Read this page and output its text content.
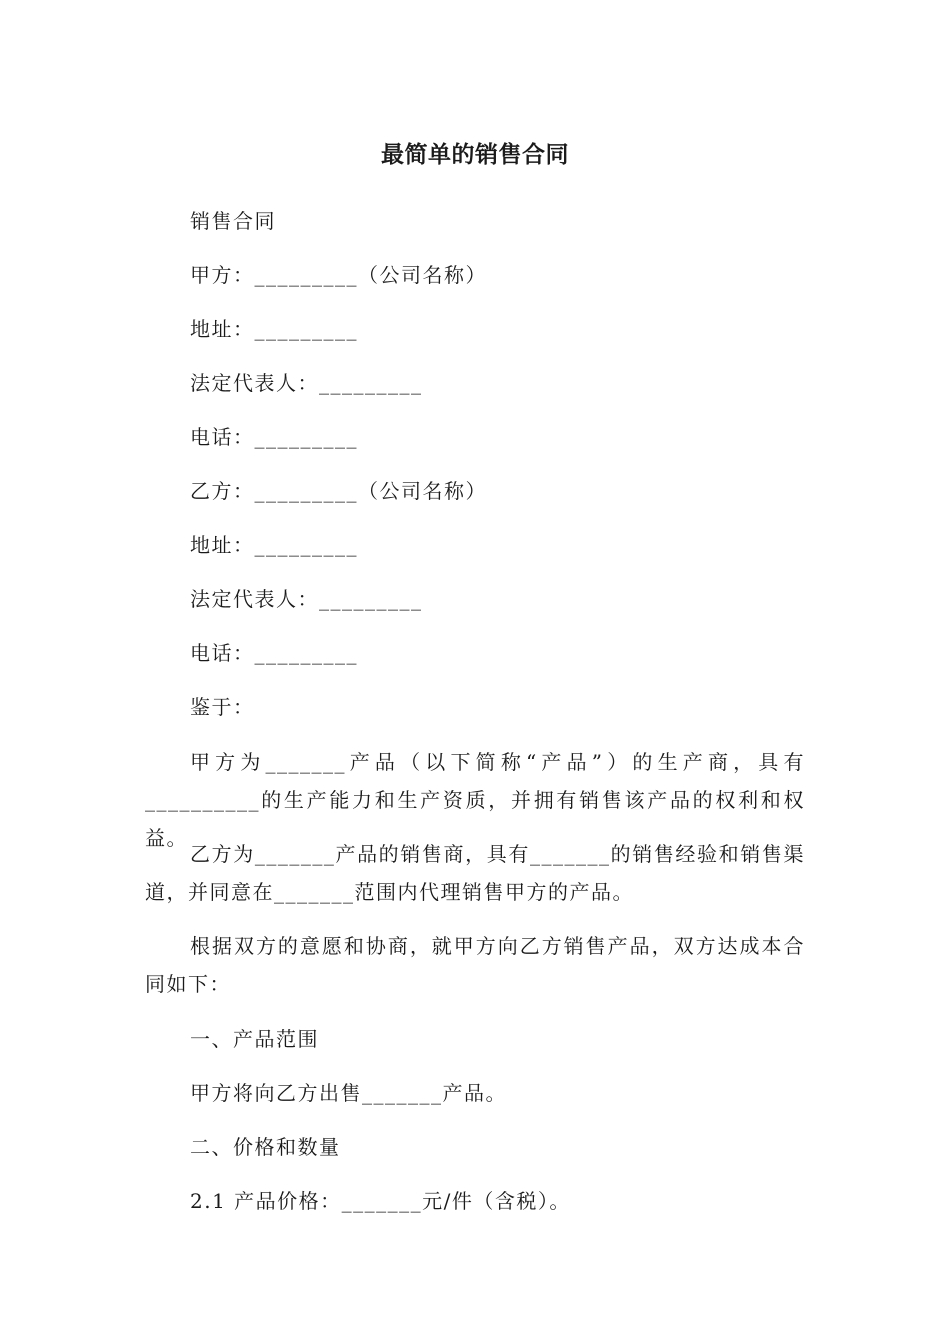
最简单的销售合同
销售合同
甲方：_________（公司名称）
地址：_________
法定代表人：_________
电话：_________
乙方：_________（公司名称）
地址：_________
法定代表人：_________
电话：_________
鉴于：
甲方为_______产品（以下简称“产品”）的生产商，具有__________的生产能力和生产资质，并拥有销售该产品的权利和权益。
乙方为_______产品的销售商，具有_______的销售经验和销售渠道，并同意在_______范围内代理销售甲方的产品。
根据双方的意愿和协商，就甲方向乙方销售产品，双方达成本合同如下：
一、产品范围
甲方将向乙方出售_______产品。
二、价格和数量
2.1 产品价格：_______元/件（含税）。
